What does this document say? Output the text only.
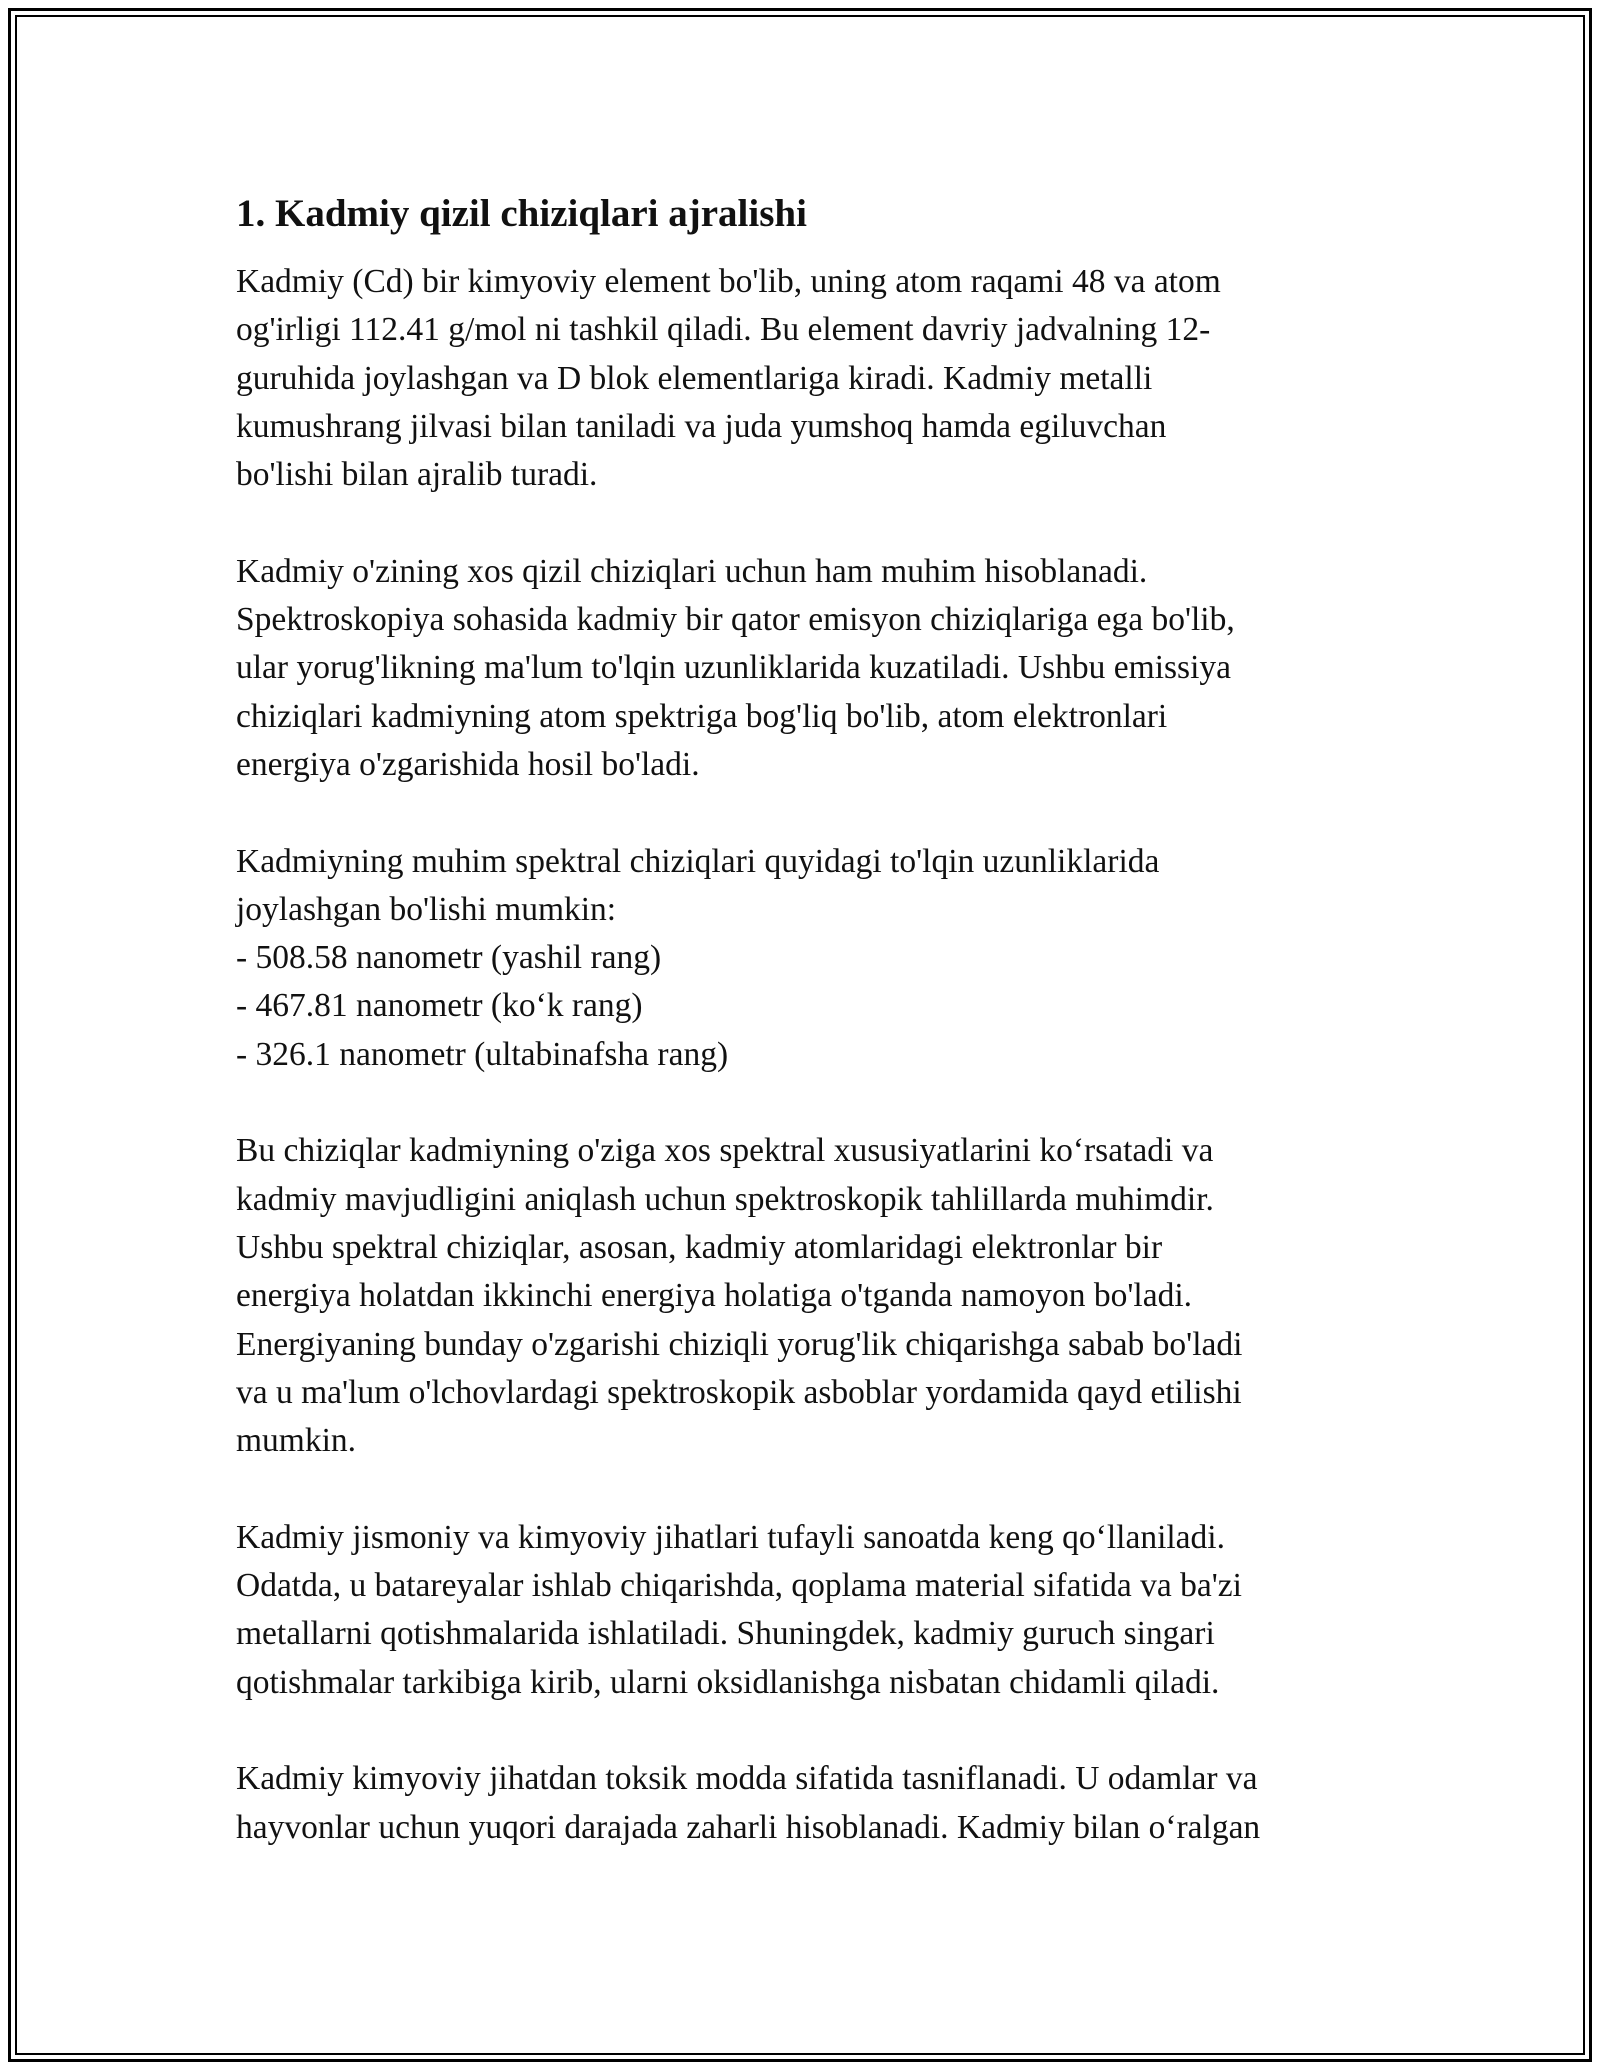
1. Kadmiy qizil chiziqlari ajralishi

Kadmiy (Cd) bir kimyoviy element bo'lib, uning atom raqami 48 va atom
og'irligi 112.41 g/mol ni tashkil qiladi. Bu element davriy jadvalning 12-
guruhida joylashgan va D blok elementlariga kiradi. Kadmiy metalli
kumushrang jilvasi bilan taniladi va juda yumshoq hamda egiluvchan
bo'lishi bilan ajralib turadi.

Kadmiy o'zining xos qizil chiziqlari uchun ham muhim hisoblanadi.
Spektroskopiya sohasida kadmiy bir qator emisyon chiziqlariga ega bo'lib,
ular yorug'likning ma'lum to'lqin uzunliklarida kuzatiladi. Ushbu emissiya
chiziqlari kadmiyning atom spektriga bog'liq bo'lib, atom elektronlari
energiya o'zgarishida hosil bo'ladi.

Kadmiyning muhim spektral chiziqlari quyidagi to'lqin uzunliklarida
joylashgan bo'lishi mumkin:
- 508.58 nanometr (yashil rang)
- 467.81 nanometr (ko‘k rang)
- 326.1 nanometr (ultabinafsha rang)

Bu chiziqlar kadmiyning o'ziga xos spektral xususiyatlarini ko‘rsatadi va
kadmiy mavjudligini aniqlash uchun spektroskopik tahlillarda muhimdir.
Ushbu spektral chiziqlar, asosan, kadmiy atomlaridagi elektronlar bir
energiya holatdan ikkinchi energiya holatiga o'tganda namoyon bo'ladi.
Energiyaning bunday o'zgarishi chiziqli yorug'lik chiqarishga sabab bo'ladi
va u ma'lum o'lchovlardagi spektroskopik asboblar yordamida qayd etilishi
mumkin.

Kadmiy jismoniy va kimyoviy jihatlari tufayli sanoatda keng qo‘llaniladi.
Odatda, u batareyalar ishlab chiqarishda, qoplama material sifatida va ba'zi
metallarni qotishmalarida ishlatiladi. Shuningdek, kadmiy guruch singari
qotishmalar tarkibiga kirib, ularni oksidlanishga nisbatan chidamli qiladi.

Kadmiy kimyoviy jihatdan toksik modda sifatida tasniflanadi. U odamlar va
hayvonlar uchun yuqori darajada zaharli hisoblanadi. Kadmiy bilan o‘ralgan
